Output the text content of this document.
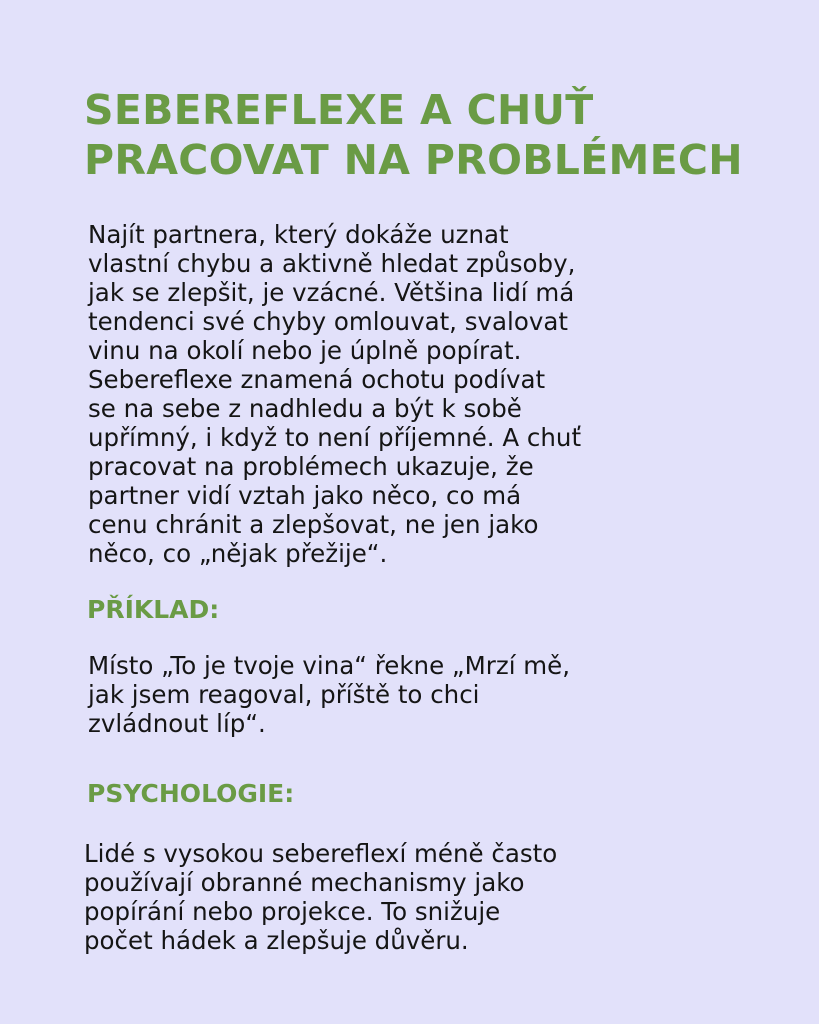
SEBEREFLEXE A CHUŤ
PRACOVAT NA PROBLÉMECH

Najít partnera, který dokáže uznat
vlastní chybu a aktivně hledat způsoby,
jak se zlepšit, je vzácné. Většina lidí má
tendenci své chyby omlouvat, svalovat
vinu na okolí nebo je úplně popírat.
Sebereflexe znamená ochotu podívat
se na sebe z nadhledu a být k sobě
upřímný, i když to není příjemné. A chuť
pracovat na problémech ukazuje, že
partner vidí vztah jako něco, co má
cenu chránit a zlepšovat, ne jen jako
něco, co „nějak přežije“.

PŘÍKLAD:

Místo „To je tvoje vina“ řekne „Mrzí mě,
jak jsem reagoval, příště to chci
zvládnout líp“.

PSYCHOLOGIE:

Lidé s vysokou sebereflexí méně často
používají obranné mechanismy jako
popírání nebo projekce. To snižuje
počet hádek a zlepšuje důvěru.
